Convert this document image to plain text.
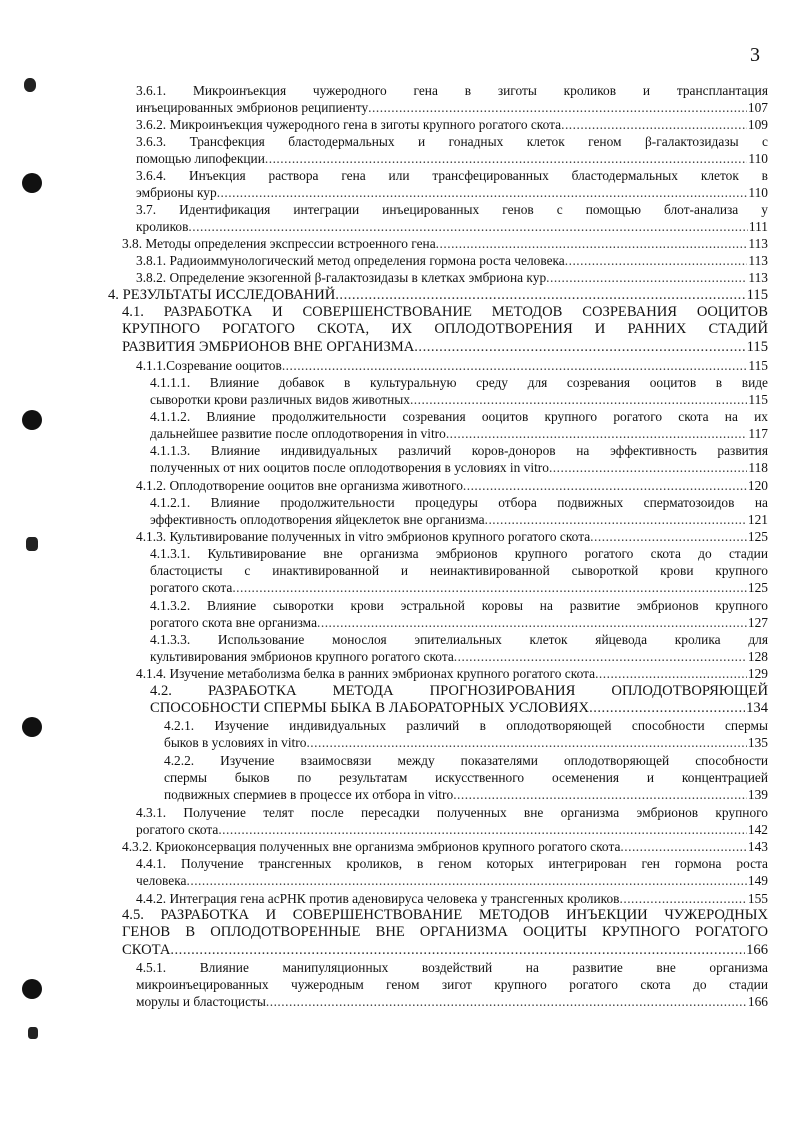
3
3.6.1. Микроинъекция чужеродного гена в зиготы кроликов и трансплантация
инъецированных эмбрионов реципиенту .....	107
3.6.2. Микроинъекция чужеродного гена в зиготы крупного рогатого скота .....	109
3.6.3. Трансфекция бластодермальных и гонадных клеток геном β-галактозидазы с
помощью липофекции .....	110
3.6.4. Инъекция раствора гена или трансфецированных бластодермальных клеток в
эмбрионы кур .....	110
3.7. Идентификация интеграции инъецированных генов с помощью блот-анализа у
кроликов .....	111
3.8. Методы определения экспрессии встроенного гена .....	113
3.8.1. Радиоиммунологический метод определения гормона роста человека .....	113
3.8.2. Определение экзогенной β-галактозидазы в клетках эмбриона кур .....	113
4. РЕЗУЛЬТАТЫ ИССЛЕДОВАНИЙ .....	115
4.1. РАЗРАБОТКА И СОВЕРШЕНСТВОВАНИЕ МЕТОДОВ СОЗРЕВАНИЯ ООЦИТОВ
КРУПНОГО РОГАТОГО СКОТА, ИХ ОПЛОДОТВОРЕНИЯ И РАННИХ СТАДИЙ
РАЗВИТИЯ ЭМБРИОНОВ ВНЕ ОРГАНИЗМА .....	115
4.1.1.Созревание ооцитов .....	115
4.1.1.1. Влияние добавок в культуральную среду для созревания ооцитов в виде
сыворотки крови различных видов животных .....	115
4.1.1.2. Влияние продолжительности созревания ооцитов крупного рогатого скота на их
дальнейшее развитие после оплодотворения in vitro .....	117
4.1.1.3. Влияние индивидуальных различий коров-доноров на эффективность развития
полученных от них ооцитов после оплодотворения в условиях in vitro .....	118
4.1.2. Оплодотворение ооцитов вне организма животного .....	120
4.1.2.1. Влияние продолжительности процедуры отбора подвижных сперматозоидов на
эффективность оплодотворения яйцеклеток вне организма .....	121
4.1.3. Культивирование полученных in vitro эмбрионов крупного рогатого скота .....	125
4.1.3.1. Культивирование вне организма эмбрионов крупного рогатого скота до стадии
бластоцисты с инактивированной и неинактивированной сывороткой крови крупного
рогатого скота .....	125
4.1.3.2. Влияние сыворотки крови эстральной коровы на развитие эмбрионов крупного
рогатого скота вне организма .....	127
4.1.3.3. Использование монослоя эпителиальных клеток яйцевода кролика для
культивирования эмбрионов крупного рогатого скота .....	128
4.1.4. Изучение метаболизма белка в ранних эмбрионах крупного рогатого скота .....	129
4.2. РАЗРАБОТКА МЕТОДА ПРОГНОЗИРОВАНИЯ ОПЛОДОТВОРЯЮЩЕЙ
СПОСОБНОСТИ СПЕРМЫ БЫКА В ЛАБОРАТОРНЫХ УСЛОВИЯХ .....	134
4.2.1. Изучение индивидуальных различий в оплодотворяющей способности спермы
быков в условиях in vitro .....	135
4.2.2. Изучение взаимосвязи между показателями оплодотворяющей способности
спермы быков по результатам искусственного осеменения и концентрацией
подвижных спермиев в процессе их отбора in vitro .....	139
4.3.1. Получение телят после пересадки полученных вне организма эмбрионов крупного
рогатого скота .....	142
4.3.2. Криоконсервация полученных вне организма эмбрионов крупного рогатого скота .....	143
4.4.1. Получение трансгенных кроликов, в геном которых интегрирован ген гормона роста
человека .....	149
4.4.2. Интеграция гена асРНК против аденовируса человека у трансгенных кроликов .....	155
4.5. РАЗРАБОТКА И СОВЕРШЕНСТВОВАНИЕ МЕТОДОВ ИНЪЕКЦИИ ЧУЖЕРОДНЫХ
ГЕНОВ В ОПЛОДОТВОРЕННЫЕ ВНЕ ОРГАНИЗМА ООЦИТЫ КРУПНОГО РОГАТОГО
СКОТА .....	166
4.5.1. Влияние манипуляционных воздействий на развитие вне организма
микроинъецированных чужеродным геном зигот крупного рогатого скота до стадии
морулы и бластоцисты .....	166
